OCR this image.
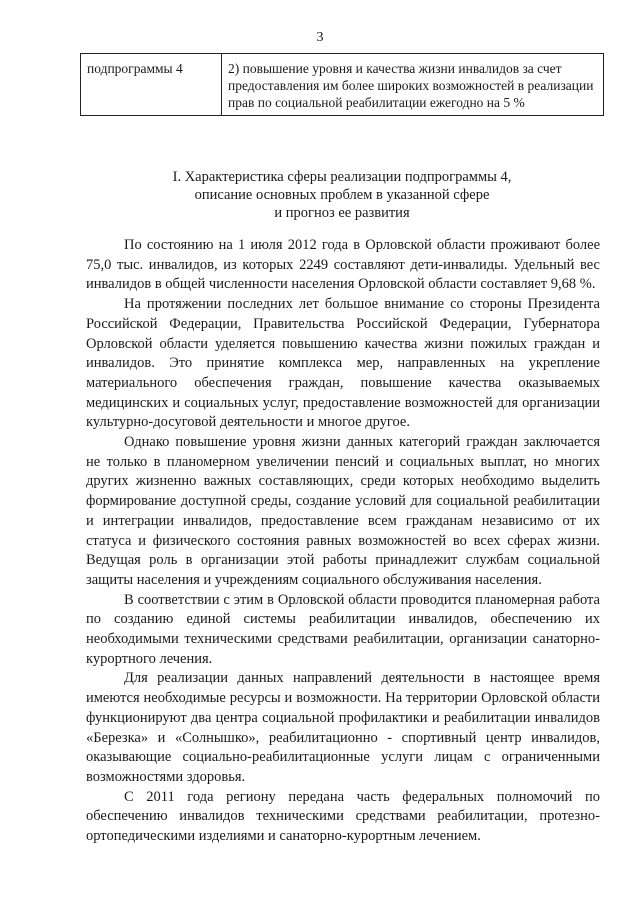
3
подпрограммы 4	2) повышение уровня и качества жизни инвалидов за счет предоставления им более широких возможностей в реализации прав по социальной реабилитации ежегодно на 5 %
I. Характеристика сферы реализации подпрограммы 4,
описание основных проблем в указанной сфере
и прогноз ее развития

По состоянию на 1 июля 2012 года в Орловской области проживают более 75,0 тыс. инвалидов, из которых 2249 составляют дети-инвалиды. Удельный вес инвалидов в общей численности населения Орловской области составляет 9,68 %.

На протяжении последних лет большое внимание со стороны Президента Российской Федерации, Правительства Российской Федерации, Губернатора Орловской области уделяется повышению качества жизни пожилых граждан и инвалидов. Это принятие комплекса мер, направленных на укрепление материального обеспечения граждан, повышение качества оказываемых медицинских и социальных услуг, предоставление возможностей для организации культурно-досуговой деятельности и многое другое.

Однако повышение уровня жизни данных категорий граждан заключается не только в планомерном увеличении пенсий и социальных выплат, но многих других жизненно важных составляющих, среди которых необходимо выделить формирование доступной среды, создание условий для социальной реабилитации и интеграции инвалидов, предоставление всем гражданам независимо от их статуса и физического состояния равных возможностей во всех сферах жизни. Ведущая роль в организации этой работы принадлежит службам социальной защиты населения и учреждениям социального обслуживания населения.

В соответствии с этим в Орловской области проводится планомерная работа по созданию единой системы реабилитации инвалидов, обеспечению их необходимыми техническими средствами реабилитации, организации санаторно-курортного лечения.

Для реализации данных направлений деятельности в настоящее время имеются необходимые ресурсы и возможности. На территории Орловской области функционируют два центра социальной профилактики и реабилитации инвалидов «Березка» и «Солнышко», реабилитационно - спортивный центр инвалидов, оказывающие социально-реабилитационные услуги лицам с ограниченными возможностями здоровья.

С 2011 года региону передана часть федеральных полномочий по обеспечению инвалидов техническими средствами реабилитации, протезно-ортопедическими изделиями и санаторно-курортным лечением.
